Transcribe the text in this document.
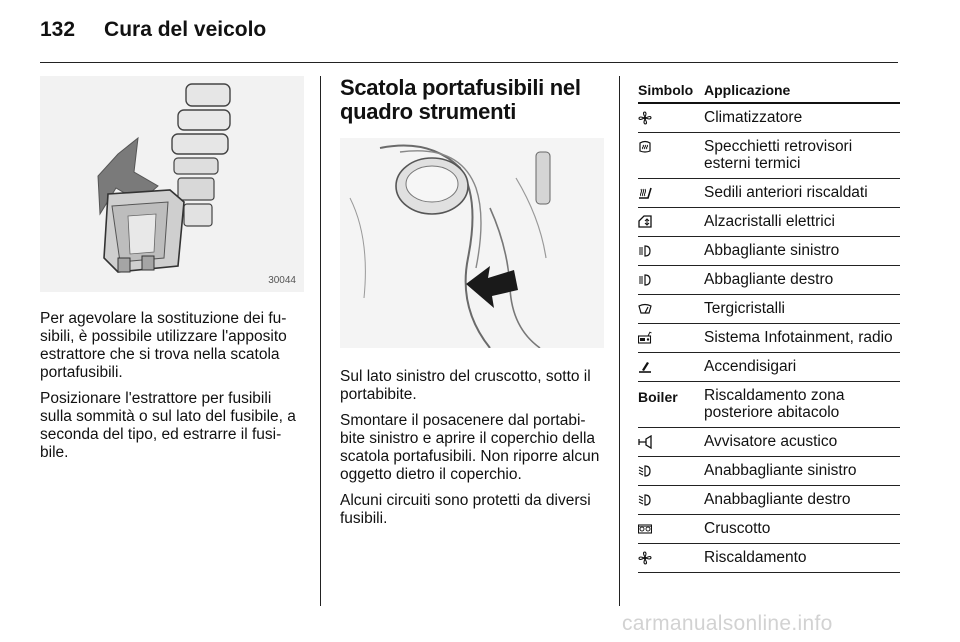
132 Cura del veicolo
30044

Per agevolare la sostituzione dei fu-sibili, è possibile utilizzare l'apposito estrattore che si trova nella scatola portafusibili.

Posizionare l'estrattore per fusibili sulla sommità o sul lato del fusibile, a seconda del tipo, ed estrarre il fusi-bile.

Scatola portafusibili nel
quadro strumenti

Sul lato sinistro del cruscotto, sotto il portabibite.

Smontare il posacenere dal portabi-bite sinistro e aprire il coperchio della scatola portafusibili. Non riporre alcun oggetto dietro il coperchio.

Alcuni circuiti sono protetti da diversi fusibili.

Simbolo Applicazione
Climatizzatore
Specchietti retrovisori esterni termici
Sedili anteriori riscaldati
Alzacristalli elettrici
Abbagliante sinistro
Abbagliante destro
Tergicristalli
Sistema Infotainment, radio
Accendisigari
Boiler	Riscaldamento zona posteriore abitacolo
Avvisatore acustico
Anabbagliante sinistro
Anabbagliante destro
Cruscotto
Riscaldamento
carmanualsonline.info
